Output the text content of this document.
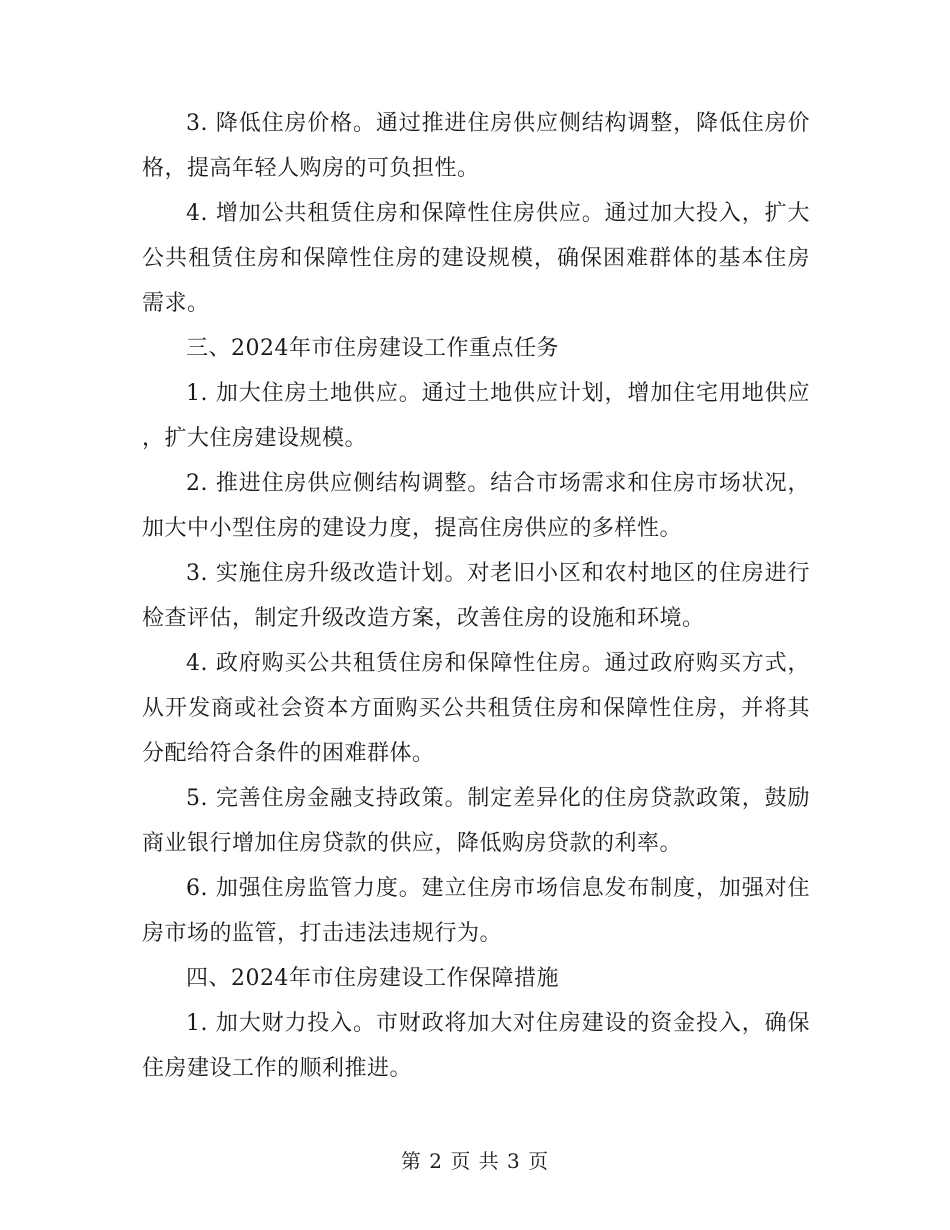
3. 降低住房价格。通过推进住房供应侧结构调整，降低住房价格，提高年轻人购房的可负担性。

4. 增加公共租赁住房和保障性住房供应。通过加大投入，扩大公共租赁住房和保障性住房的建设规模，确保困难群体的基本住房需求。

三、2024年市住房建设工作重点任务

1. 加大住房土地供应。通过土地供应计划，增加住宅用地供应，扩大住房建设规模。

2. 推进住房供应侧结构调整。结合市场需求和住房市场状况，加大中小型住房的建设力度，提高住房供应的多样性。

3. 实施住房升级改造计划。对老旧小区和农村地区的住房进行检查评估，制定升级改造方案，改善住房的设施和环境。

4. 政府购买公共租赁住房和保障性住房。通过政府购买方式，从开发商或社会资本方面购买公共租赁住房和保障性住房，并将其分配给符合条件的困难群体。

5. 完善住房金融支持政策。制定差异化的住房贷款政策，鼓励商业银行增加住房贷款的供应，降低购房贷款的利率。

6. 加强住房监管力度。建立住房市场信息发布制度，加强对住房市场的监管，打击违法违规行为。

四、2024年市住房建设工作保障措施

1. 加大财力投入。市财政将加大对住房建设的资金投入，确保住房建设工作的顺利推进。

第 2 页 共 3 页
